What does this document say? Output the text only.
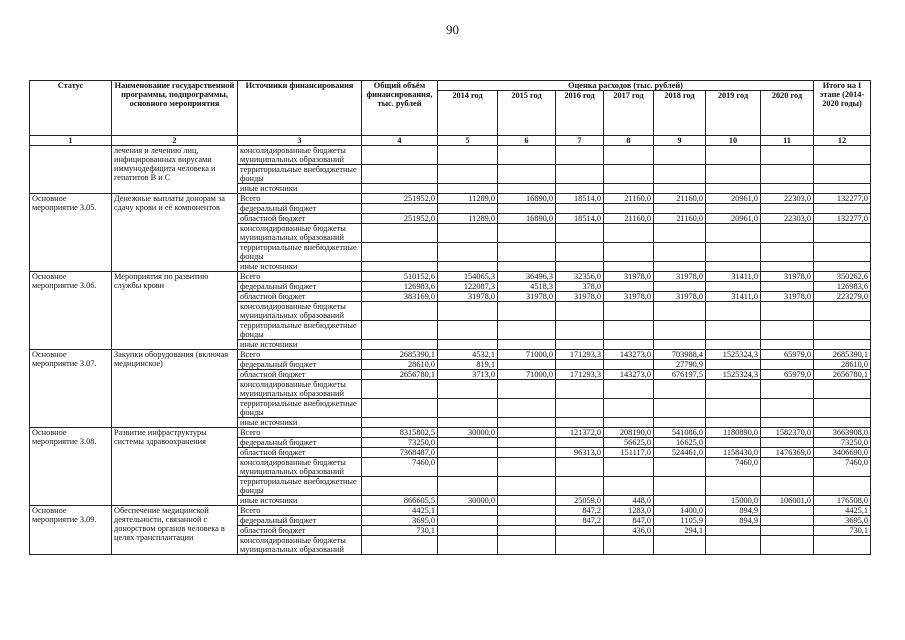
90
Статус	Наименование государственной программы, подпрограммы, основного мероприятия	Источники финансирования	Общий объём финансирования, тыс. рублей	Оценка расходов (тыс. рублей)							Итого на I этапе (2014-2020 годы)
				2014 год	2015 год	2016 год	2017 год	2018 год	2019 год	2020 год	
1	2	3	4	5	6	7	8	9	10	11	12
	лечения и лечению лиц, инфицированных вирусами иммунодефицита человека и гепатитов В и С	консолидированные бюджеты муниципальных образований									
		территориальные внебюджетные фонды									
		иные источники									
Основное мероприятие 3.05.	Денежные выплаты донорам за сдачу крови и её компонентов	Всего	251952,0	11289,0	16890,0	18514,0	21160,0	21160,0	20961,0	22303,0	132277,0
		федеральный бюджет									
		областной бюджет	251952,0	11289,0	16890,0	18514,0	21160,0	21160,0	20961,0	22303,0	132277,0
		консолидированные бюджеты муниципальных образований									
		территориальные внебюджетные фонды									
		иные источники									
Основное мероприятие 3.06.	Мероприятия по развитию службы крови	Всего	510152,6	154065,3	36496,3	32356,0	31978,0	31978,0	31411,0	31978,0	350262,6
		федеральный бюджет	126983,6	122087,3	4518,3	378,0					126983,6
		областной бюджет	383169,0	31978,0	31978,0	31978,0	31978,0	31978,0	31411,0	31978,0	223279,0
		консолидированные бюджеты муниципальных образований									
		территориальные внебюджетные фонды									
		иные источники									
Основное мероприятие 3.07.	Закупки оборудования (включая медицинское)	Всего	2685390,1	4532,1	71000,0	171293,3	143273,0	703988,4	1525324,3	65979,0	2685390,1
		федеральный бюджет	28610,0	819,1				27790,9			28610,0
		областной бюджет	2656780,1	3713,0	71000,0	171293,3	143273,0	676197,5	1525324,3	65979,0	2656780,1
		консолидированные бюджеты муниципальных образований									
		территориальные внебюджетные фонды									
		иные источники									
Основное мероприятие 3.08.	Развитие инфраструктуры системы здравоохранения	Всего	8315802,5	30000,0		121372,0	208190,0	541086,0	1180890,0	1582370,0	3663908,0
		федеральный бюджет	73250,0				56625,0	16625,0			73250,0
		областной бюджет	7368487,0			96313,0	151117,0	524461,0	1158430,0	1476369,0	3406690,0
		консолидированные бюджеты муниципальных образований	7460,0						7460,0		7460,0
		территориальные внебюджетные фонды									
		иные источники	866605,5	30000,0		25059,0	448,0		15000,0	106001,0	176508,0
Основное мероприятие 3.09.	Обеспечение медицинской деятельности, связанной с донорством органов человека в целях трансплантации	Всего	4425,1			847,2	1283,0	1400,0	894,9		4425,1
		федеральный бюджет	3695,0			847,2	847,0	1105,9	894,9		3695,0
		областной бюджет	730,1				436,0	294,1			730,1
		консолидированные бюджеты муниципальных образований									
